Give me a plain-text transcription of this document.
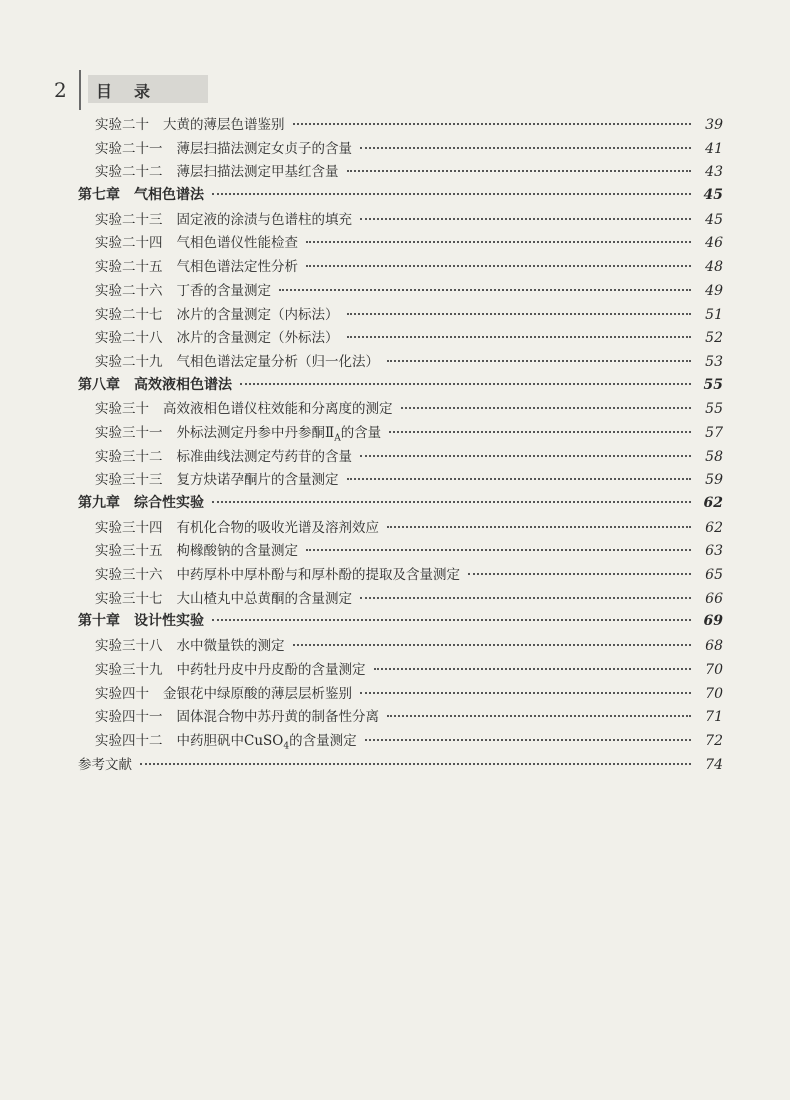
2 目录
实验二十 大黄的薄层色谱鉴别	39
实验二十一 薄层扫描法测定女贞子的含量	41
实验二十二 薄层扫描法测定甲基红含量	43
第七章 气相色谱法	45
实验二十三 固定液的涂渍与色谱柱的填充	45
实验二十四 气相色谱仪性能检查	46
实验二十五 气相色谱法定性分析	48
实验二十六 丁香的含量测定	49
实验二十七 冰片的含量测定（内标法）	51
实验二十八 冰片的含量测定（外标法）	52
实验二十九 气相色谱法定量分析（归一化法）	53
第八章 高效液相色谱法	55
实验三十 高效液相色谱仪柱效能和分离度的测定	55
实验三十一 外标法测定丹参中丹参酮$Ⅱ_A$的含量	57
实验三十二 标准曲线法测定芍药苷的含量	58
实验三十三 复方炔诺孕酮片的含量测定	59
第九章 综合性实验	62
实验三十四 有机化合物的吸收光谱及溶剂效应	62
实验三十五 枸橼酸钠的含量测定	63
实验三十六 中药厚朴中厚朴酚与和厚朴酚的提取及含量测定	65
实验三十七 大山楂丸中总黄酮的含量测定	66
第十章 设计性实验	69
实验三十八 水中微量铁的测定	68
实验三十九 中药牡丹皮中丹皮酚的含量测定	70
实验四十 金银花中绿原酸的薄层层析鉴别	70
实验四十一 固体混合物中苏丹黄的制备性分离	71
实验四十二 中药胆矾中CuSO$_4$的含量测定	72
参考文献	74
